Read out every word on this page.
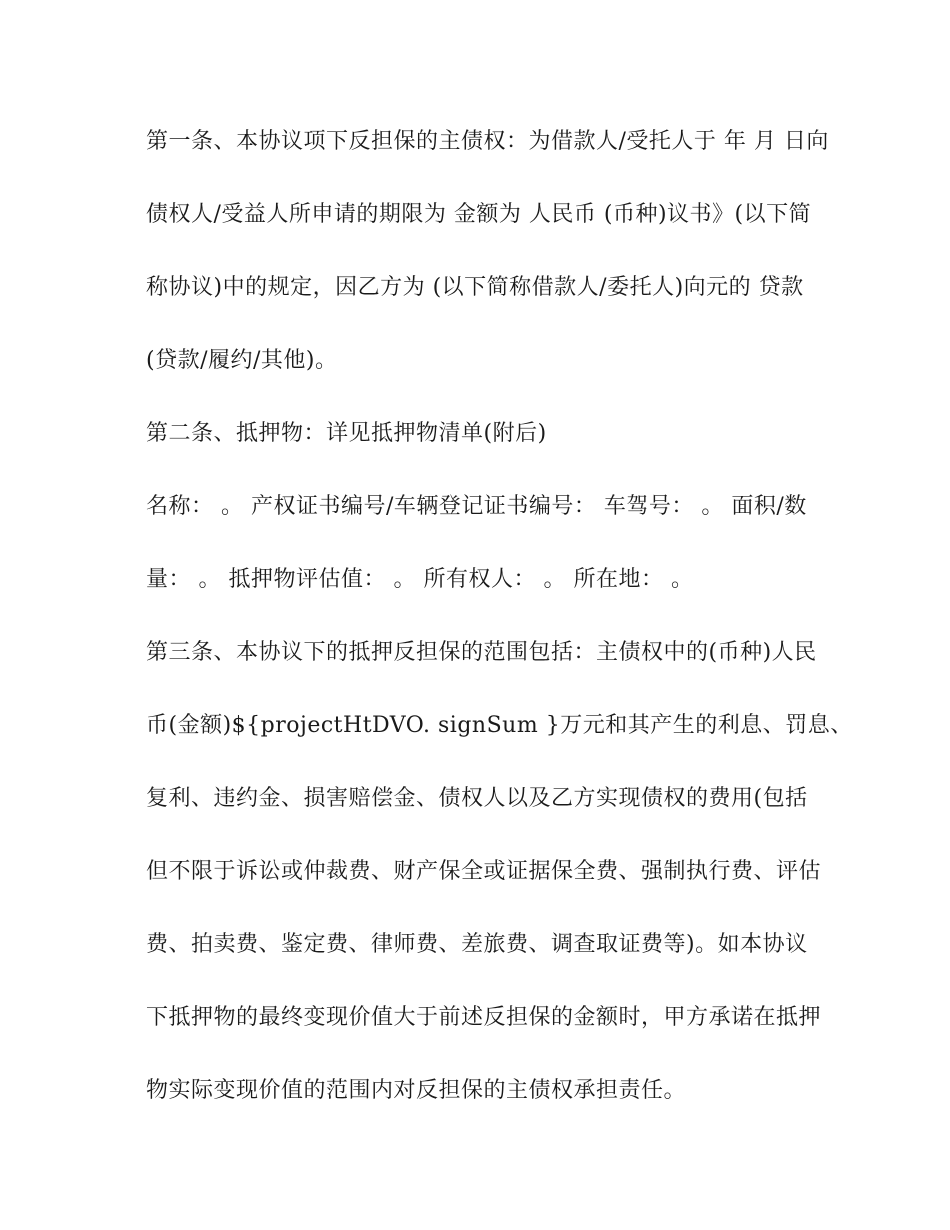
第一条、本协议项下反担保的主债权：为借款人/受托人于 年 月 日向
债权人/受益人所申请的期限为 金额为 人民币 (币种)议书》(以下简
称协议)中的规定，因乙方为 (以下简称借款人/委托人)向元的 贷款
(贷款/履约/其他)。
第二条、抵押物：详见抵押物清单(附后)
名称： 。 产权证书编号/车辆登记证书编号： 车驾号： 。 面积/数
量： 。 抵押物评估值： 。 所有权人： 。 所在地： 。
第三条、本协议下的抵押反担保的范围包括：主债权中的(币种)人民
币(金额)${projectHtDVO. signSum }万元和其产生的利息、罚息、
复利、违约金、损害赔偿金、债权人以及乙方实现债权的费用(包括
但不限于诉讼或仲裁费、财产保全或证据保全费、强制执行费、评估
费、拍卖费、鉴定费、律师费、差旅费、调查取证费等)。如本协议
下抵押物的最终变现价值大于前述反担保的金额时，甲方承诺在抵押
物实际变现价值的范围内对反担保的主债权承担责任。
